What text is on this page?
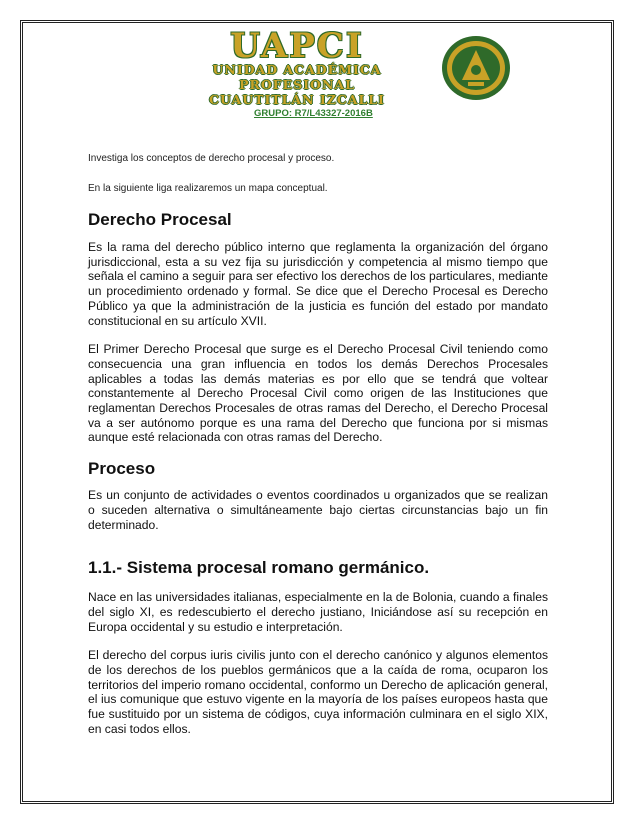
UAPCI
UNIDAD ACADÉMICA
PROFESIONAL
CUAUTITLÁN IZCALLI
GRUPO: R7/L43327-2016B

Investiga los conceptos de derecho procesal y proceso.

En la siguiente liga realizaremos un mapa conceptual.

Derecho Procesal

Es la rama del derecho público interno que reglamenta la organización del órgano jurisdiccional, esta a su vez fija su jurisdicción y competencia al mismo tiempo que señala el camino a seguir para ser efectivo los derechos de los particulares, mediante un procedimiento ordenado y formal. Se dice que el Derecho Procesal es Derecho Público ya que la administración de la justicia es función del estado por mandato constitucional en su artículo XVII.

El Primer Derecho Procesal que surge es el Derecho Procesal Civil teniendo como consecuencia una gran influencia en todos los demás Derechos Procesales aplicables a todas las demás materias es por ello que se tendrá que voltear constantemente al Derecho Procesal Civil como origen de las Instituciones que reglamentan Derechos Procesales de otras ramas del Derecho, el Derecho Procesal va a ser autónomo porque es una rama del Derecho que funciona por si mismas aunque esté relacionada con otras ramas del Derecho.

Proceso

Es un conjunto de actividades o eventos coordinados u organizados que se realizan o suceden alternativa o simultáneamente bajo ciertas circunstancias bajo un fin determinado.

1.1.- Sistema procesal romano germánico.

Nace en las universidades italianas, especialmente en la de Bolonia, cuando a finales del siglo XI, es redescubierto el derecho justiano, Iniciándose así su recepción en Europa occidental y su estudio e interpretación.

El derecho del corpus iuris civilis junto con el derecho canónico y algunos elementos de los derechos de los pueblos germánicos que a la caída de roma, ocuparon los territorios del imperio romano occidental, conformo un Derecho de aplicación general, el ius comunique que estuvo vigente en la mayoría de los países europeos hasta que fue sustituido por un sistema de códigos, cuya información culminara en el siglo XIX, en casi todos ellos.
